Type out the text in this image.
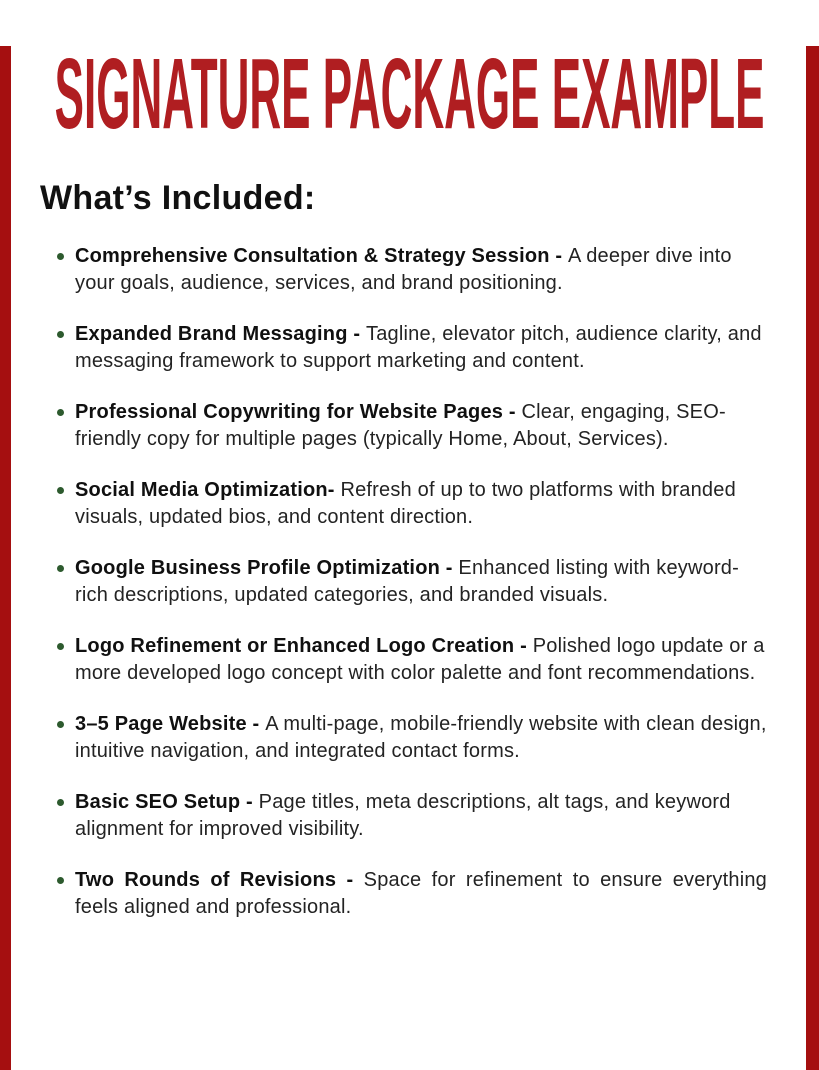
SIGNATURE PACKAGE EXAMPLE
What’s Included:
Comprehensive Consultation & Strategy Session - A deeper dive into your goals, audience, services, and brand positioning.
Expanded Brand Messaging - Tagline, elevator pitch, audience clarity, and messaging framework to support marketing and content.
Professional Copywriting for Website Pages - Clear, engaging, SEO-friendly copy for multiple pages (typically Home, About, Services).
Social Media Optimization- Refresh of up to two platforms with branded visuals, updated bios, and content direction.
Google Business Profile Optimization - Enhanced listing with keyword-rich descriptions, updated categories, and branded visuals.
Logo Refinement or Enhanced Logo Creation - Polished logo update or a more developed logo concept with color palette and font recommendations.
3–5 Page Website - A multi-page, mobile-friendly website with clean design, intuitive navigation, and integrated contact forms.
Basic SEO Setup - Page titles, meta descriptions, alt tags, and keyword alignment for improved visibility.
Two Rounds of Revisions - Space for refinement to ensure everything feels aligned and professional.
